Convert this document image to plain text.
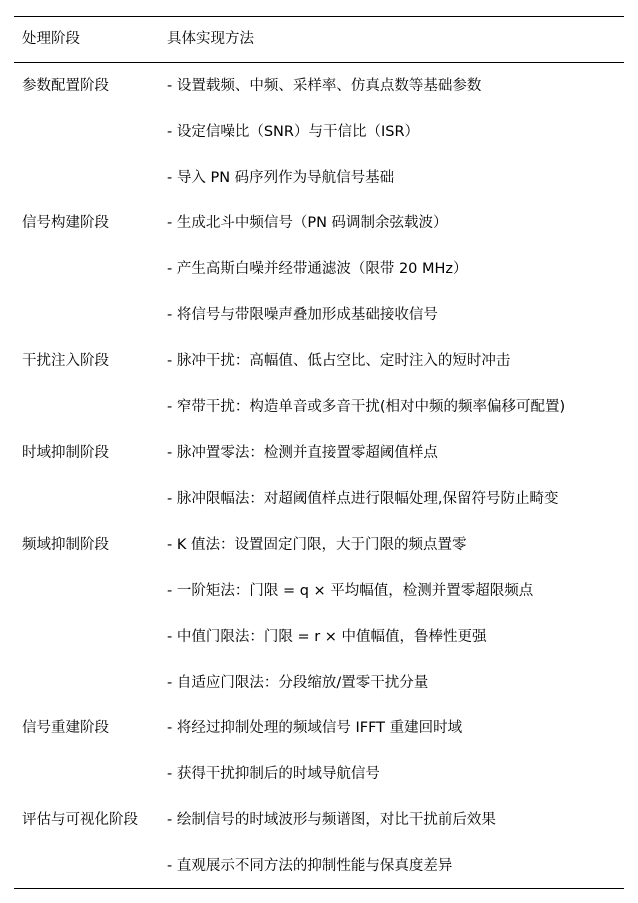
处理阶段	具体实现方法
参数配置阶段	- 设置载频、中频、采样率、仿真点数等基础参数
- 设定信噪比（SNR）与干信比（ISR）
- 导入 PN 码序列作为导航信号基础
信号构建阶段	- 生成北斗中频信号（PN 码调制余弦载波）
- 产生高斯白噪并经带通滤波（限带 20 MHz）
- 将信号与带限噪声叠加形成基础接收信号
干扰注入阶段	- 脉冲干扰：高幅值、低占空比、定时注入的短时冲击
- 窄带干扰：构造单音或多音干扰(相对中频的频率偏移可配置)
时域抑制阶段	- 脉冲置零法：检测并直接置零超阈值样点
- 脉冲限幅法：对超阈值样点进行限幅处理,保留符号防止畸变
频域抑制阶段	- K 值法：设置固定门限，大于门限的频点置零
- 一阶矩法：门限 = q × 平均幅值，检测并置零超限频点
- 中值门限法：门限 = r × 中值幅值，鲁棒性更强
- 自适应门限法：分段缩放/置零干扰分量
信号重建阶段	- 将经过抑制处理的频域信号 IFFT 重建回时域
- 获得干扰抑制后的时域导航信号
评估与可视化阶段 - 绘制信号的时域波形与频谱图，对比干扰前后效果
- 直观展示不同方法的抑制性能与保真度差异
